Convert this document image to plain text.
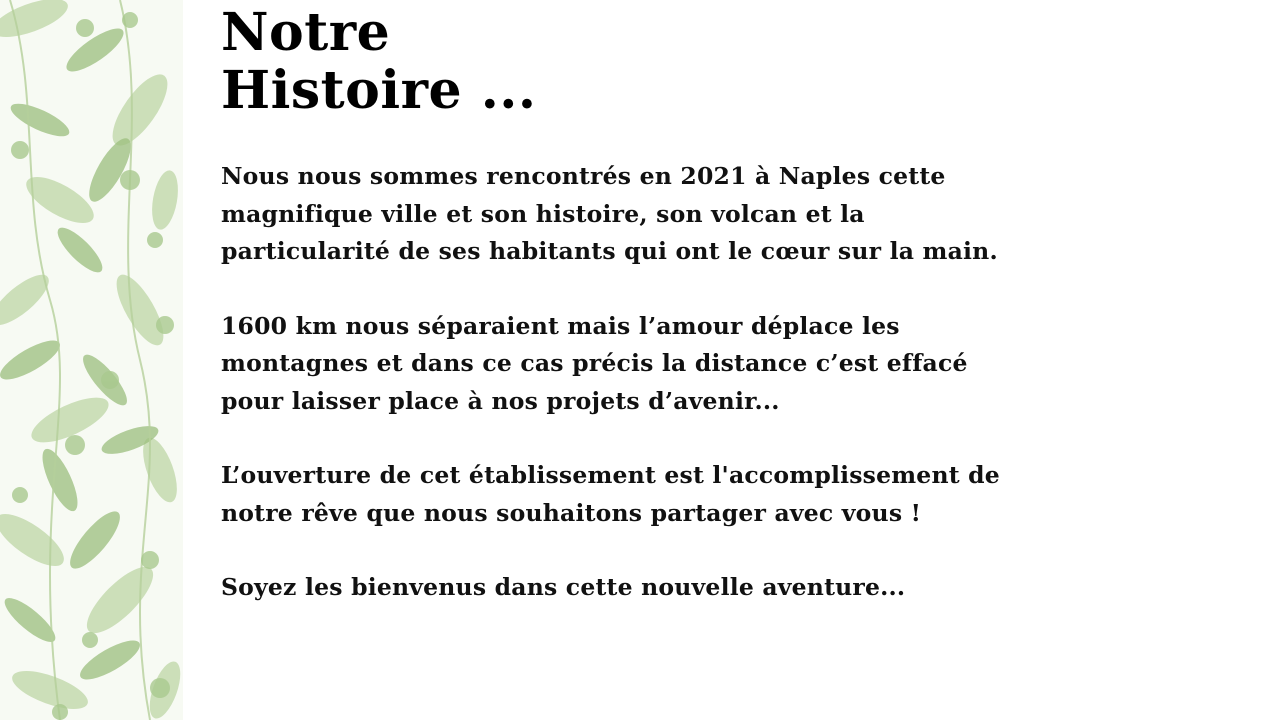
Notre
Histoire ...

Nous nous sommes rencontrés en 2021 à Naples cette
magnifique ville et son histoire, son volcan et la
particularité de ses habitants qui ont le cœur sur la main.

1600 km nous séparaient mais l’amour déplace les
montagnes et dans ce cas précis la distance c’est effacé
pour laisser place à nos projets d’avenir...

L’ouverture de cet établissement est l'accomplissement de
notre rêve que nous souhaitons partager avec vous !

Soyez les bienvenus dans cette nouvelle aventure...
